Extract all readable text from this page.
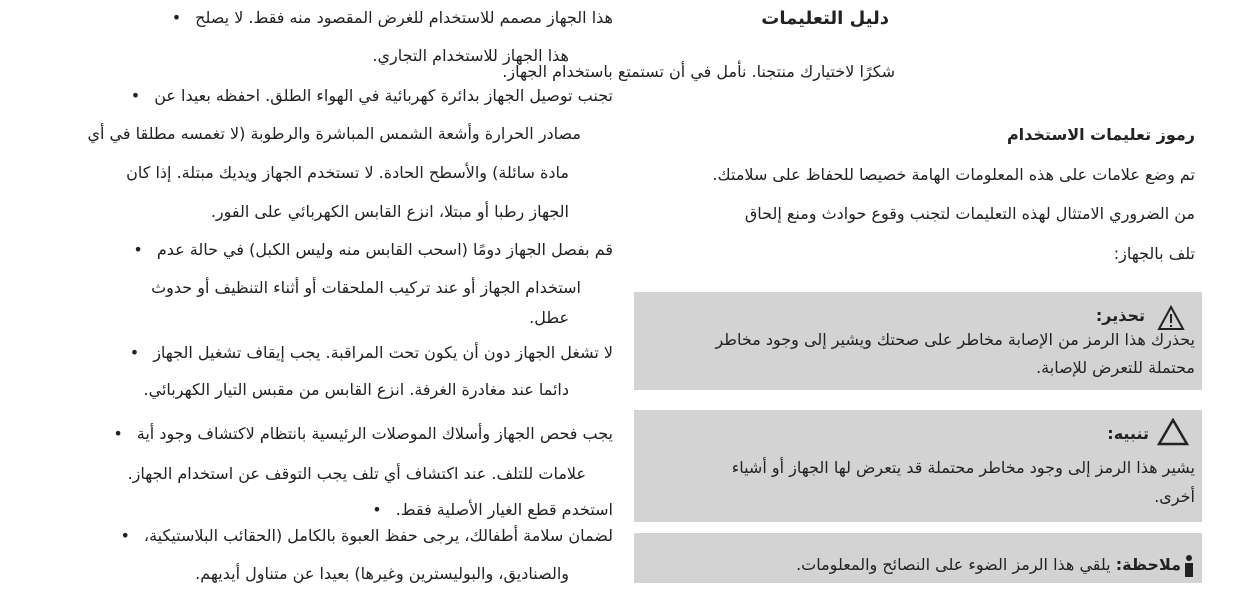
دليل التعليمات
شكرًا لاختيارك منتجنا. نأمل في أن تستمتع باستخدام الجهاز.
رموز تعليمات الاستخدام
تم وضع علامات على هذه المعلومات الهامة خصيصا للحفاظ على سلامتك.
من الضروري الامتثال لهذه التعليمات لتجنب وقوع حوادث ومنع إلحاق
تلف بالجهاز:
تحذير:
يحذرك هذا الرمز من الإصابة مخاطر على صحتك ويشير إلى وجود مخاطر
محتملة للتعرض للإصابة.
تنبيه:
يشير هذا الرمز إلى وجود مخاطر محتملة قد يتعرض لها الجهاز أو أشياء
أخرى.
ملاحظة: يلقي هذا الرمز الضوء على النصائح والمعلومات.
هذا الجهاز مصمم للاستخدام للغرض المقصود منه فقط. لا يصلح •
هذا الجهاز للاستخدام التجاري.
تجنب توصيل الجهاز بدائرة كهربائية في الهواء الطلق. احفظه بعيدا عن •
مصادر الحرارة وأشعة الشمس المباشرة والرطوبة (لا تغمسه مطلقا في أي
مادة سائلة) والأسطح الحادة. لا تستخدم الجهاز ويديك مبتلة. إذا كان
الجهاز رطبا أو مبتلا، انزع القابس الكهربائي على الفور.
قم بفصل الجهاز دومًا (اسحب القابس منه وليس الكبل) في حالة عدم •
استخدام الجهاز أو عند تركيب الملحقات أو أثناء التنظيف أو حدوث
عطل.
لا تشغل الجهاز دون أن يكون تحت المراقبة. يجب إيقاف تشغيل الجهاز •
دائما عند مغادرة الغرفة. انزع القابس من مقبس التيار الكهربائي.
يجب فحص الجهاز وأسلاك الموصلات الرئيسية بانتظام لاكتشاف وجود أية •
علامات للتلف. عند اكتشاف أي تلف يجب التوقف عن استخدام الجهاز.
استخدم قطع الغيار الأصلية فقط. •
لضمان سلامة أطفالك، يرجى حفظ العبوة بالكامل (الحقائب البلاستيكية، •
والصناديق، والبوليسترين وغيرها) بعيدا عن متناول أيديهم.
